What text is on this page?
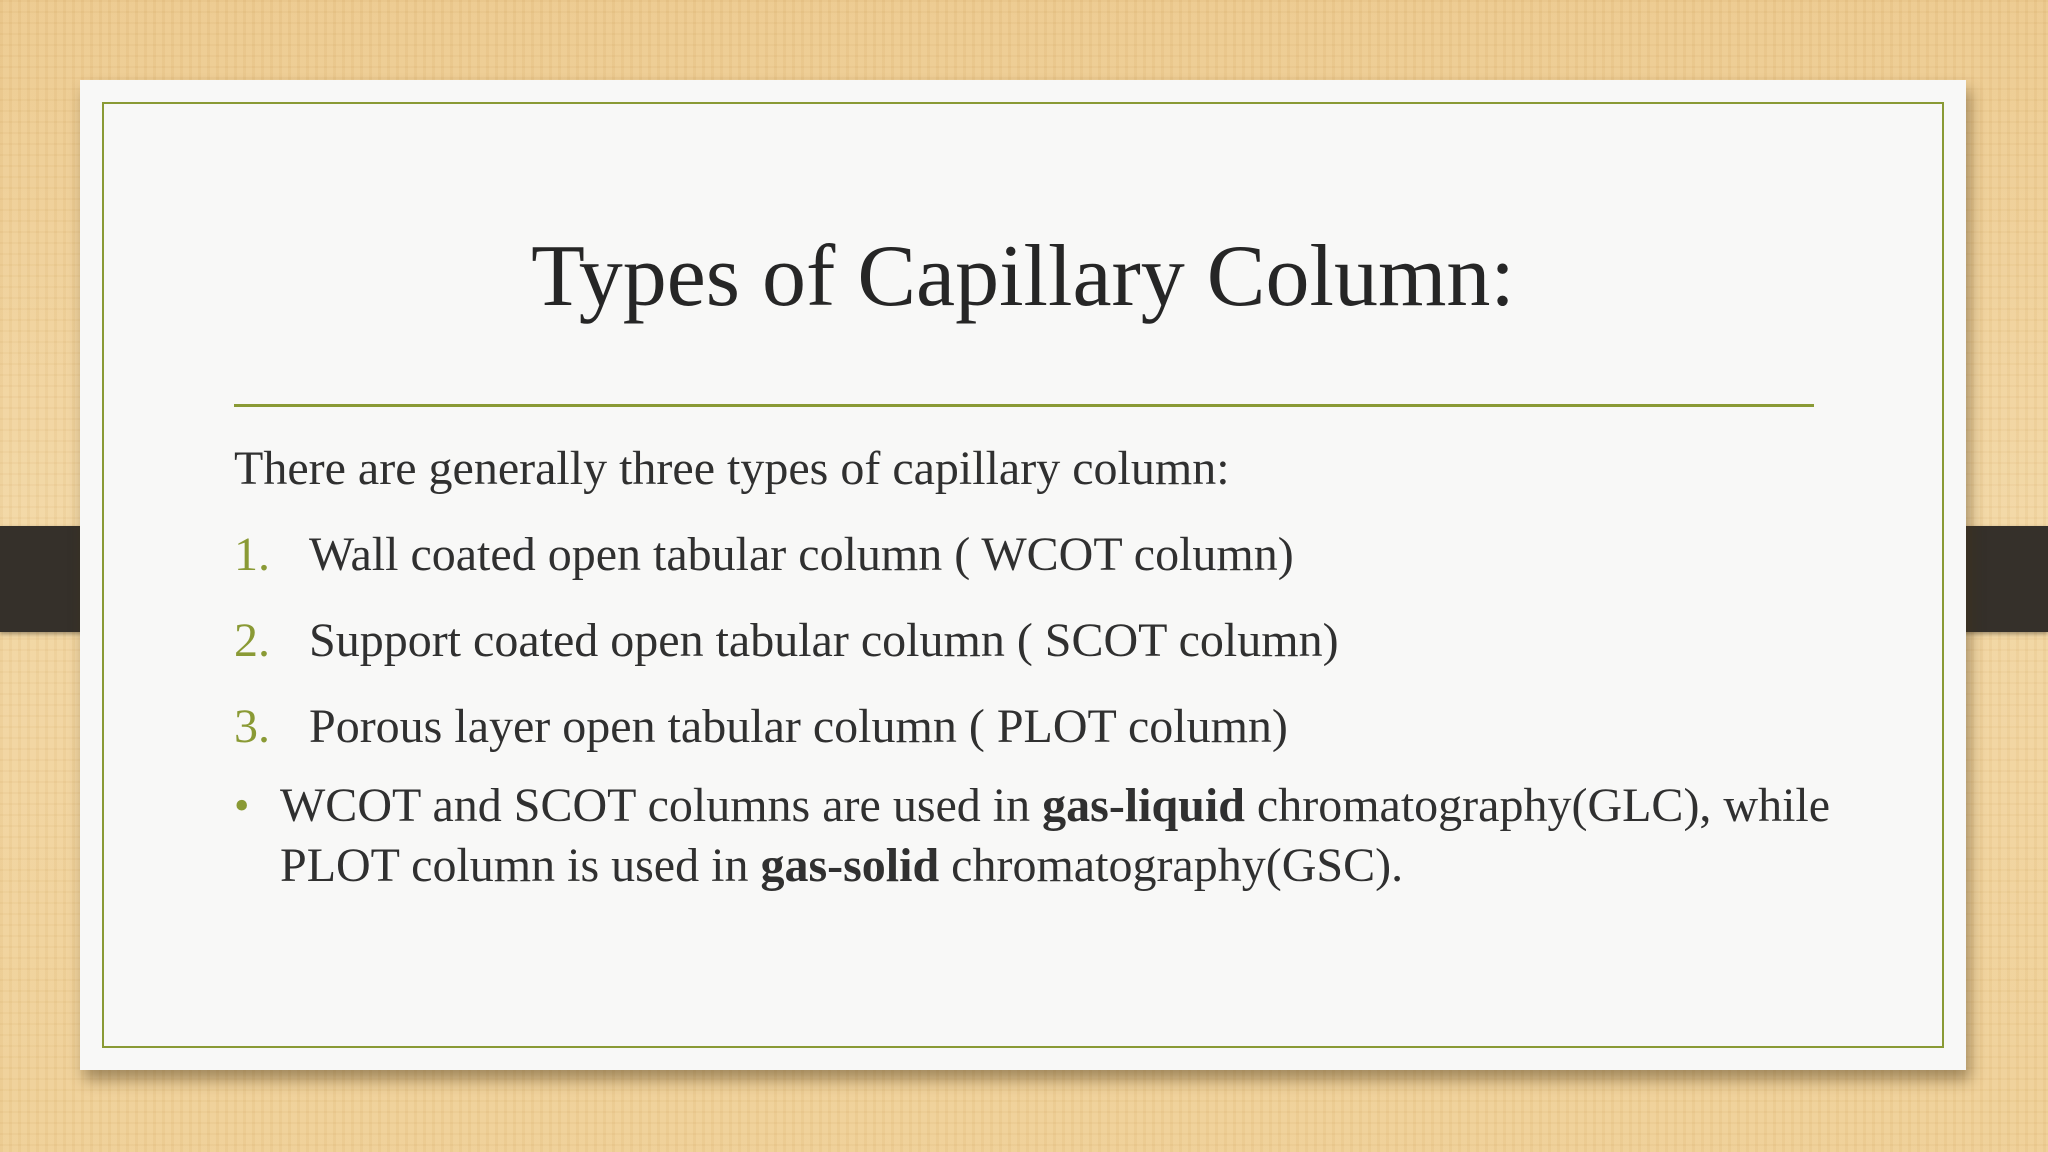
Types of Capillary Column:

There are generally three types of capillary column:

1. Wall coated open tabular column ( WCOT column)
2. Support coated open tabular column ( SCOT column)
3. Porous layer open tabular column ( PLOT column)
• WCOT and SCOT columns are used in gas-liquid chromatography(GLC), while PLOT column is used in gas-solid chromatography(GSC).
